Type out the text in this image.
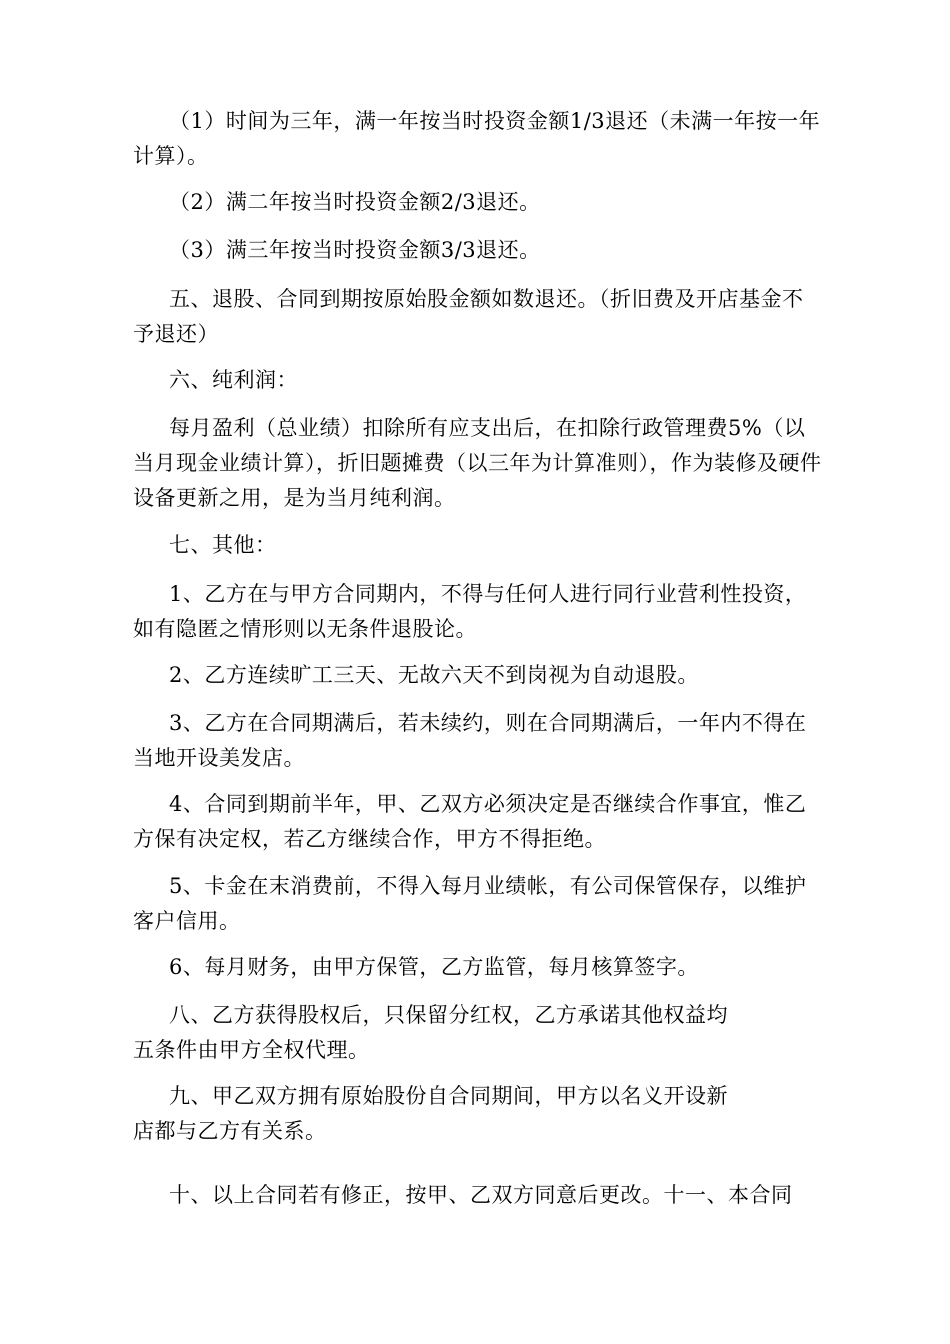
（1）时间为三年，满一年按当时投资金额1/3退还（未满一年按一年计算）。

（2）满二年按当时投资金额2/3退还。

（3）满三年按当时投资金额3/3退还。

五、退股、合同到期按原始股金额如数退还。（折旧费及开店基金不予退还）

六、纯利润：

每月盈利（总业绩）扣除所有应支出后，在扣除行政管理费5%（以当月现金业绩计算），折旧题摊费（以三年为计算准则），作为装修及硬件设备更新之用，是为当月纯利润。

七、其他：

1、乙方在与甲方合同期内，不得与任何人进行同行业营利性投资，如有隐匿之情形则以无条件退股论。

2、乙方连续旷工三天、无故六天不到岗视为自动退股。

3、乙方在合同期满后，若未续约，则在合同期满后，一年内不得在当地开设美发店。

4、合同到期前半年，甲、乙双方必须决定是否继续合作事宜，惟乙方保有决定权，若乙方继续合作，甲方不得拒绝。

5、卡金在末消费前，不得入每月业绩帐，有公司保管保存，以维护客户信用。

6、每月财务，由甲方保管，乙方监管，每月核算签字。

八、乙方获得股权后，只保留分红权，乙方承诺其他权益均五条件由甲方全权代理。

九、甲乙双方拥有原始股份自合同期间，甲方以名义开设新店都与乙方有关系。

十、以上合同若有修正，按甲、乙双方同意后更改。十一、本合同
